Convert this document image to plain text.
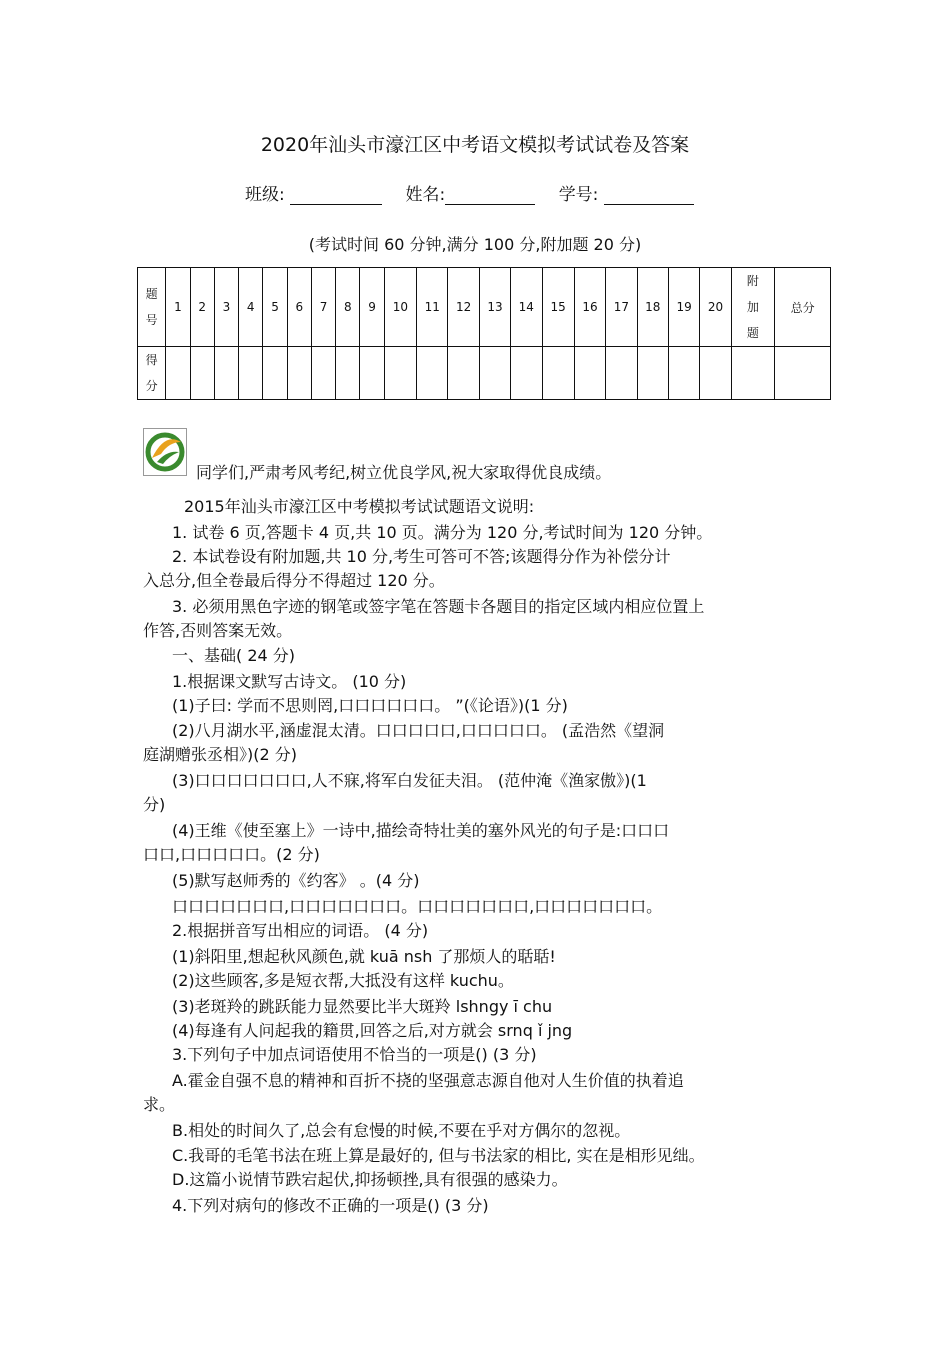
2020年汕头市濠江区中考语文模拟考试试卷及答案
班级:	姓名:	学号:
(考试时间 60 分钟,满分 100 分,附加题 20 分)
题号	1	2	3	4	5	6	7	8	9	10	11	12	13	14	15	16	17	18	19	20	附加题	总分
得分																						
同学们,严肃考风考纪,树立优良学风,祝大家取得优良成绩。
2015年汕头市濠江区中考模拟考试试题语文说明:
1. 试卷 6 页,答题卡 4 页,共 10 页。满分为 120 分,考试时间为 120 分钟。
2. 本试卷设有附加题,共 10 分,考生可答可不答;该题得分作为补偿分计
入总分,但全卷最后得分不得超过 120 分。
3. 必须用黑色字迹的钢笔或签字笔在答题卡各题目的指定区域内相应位置上
作答,否则答案无效。
一、基础( 24 分)
1.根据课文默写古诗文。 (10 分)
(1)子曰: 学而不思则罔,口口口口口口。 ”(《论语》)(1 分)
(2)八月湖水平,涵虚混太清。口口口口口,口口口口口。 (孟浩然《望洞
庭湖赠张丞相》)(2 分)
(3)口口口口口口口,人不寐,将军白发征夫泪。 (范仲淹《渔家傲》)(1
分)
(4)王维《使至塞上》一诗中,描绘奇特壮美的塞外风光的句子是:口口口
口口,口口口口口。(2 分)
(5)默写赵师秀的《约客》 。(4 分)
口口口口口口口,口口口口口口口。口口口口口口口,口口口口口口口。
2.根据拼音写出相应的词语。 (4 分)
(1)斜阳里,想起秋风颜色,就 kuā nsh 了那烦人的聒聒!
(2)这些顾客,多是短衣帮,大抵没有这样 kuchu。
(3)老斑羚的跳跃能力显然要比半大斑羚 lshngy ī chu
(4)每逢有人问起我的籍贯,回答之后,对方就会 srnq ǐ jng
3.下列句子中加点词语使用不恰当的一项是() (3 分)
A.霍金自强不息的精神和百折不挠的坚强意志源自他对人生价值的执着追
求。
B.相处的时间久了,总会有怠慢的时候,不要在乎对方偶尔的忽视。
C.我哥的毛笔书法在班上算是最好的, 但与书法家的相比, 实在是相形见绌。
D.这篇小说情节跌宕起伏,抑扬顿挫,具有很强的感染力。
4.下列对病句的修改不正确的一项是() (3 分)
